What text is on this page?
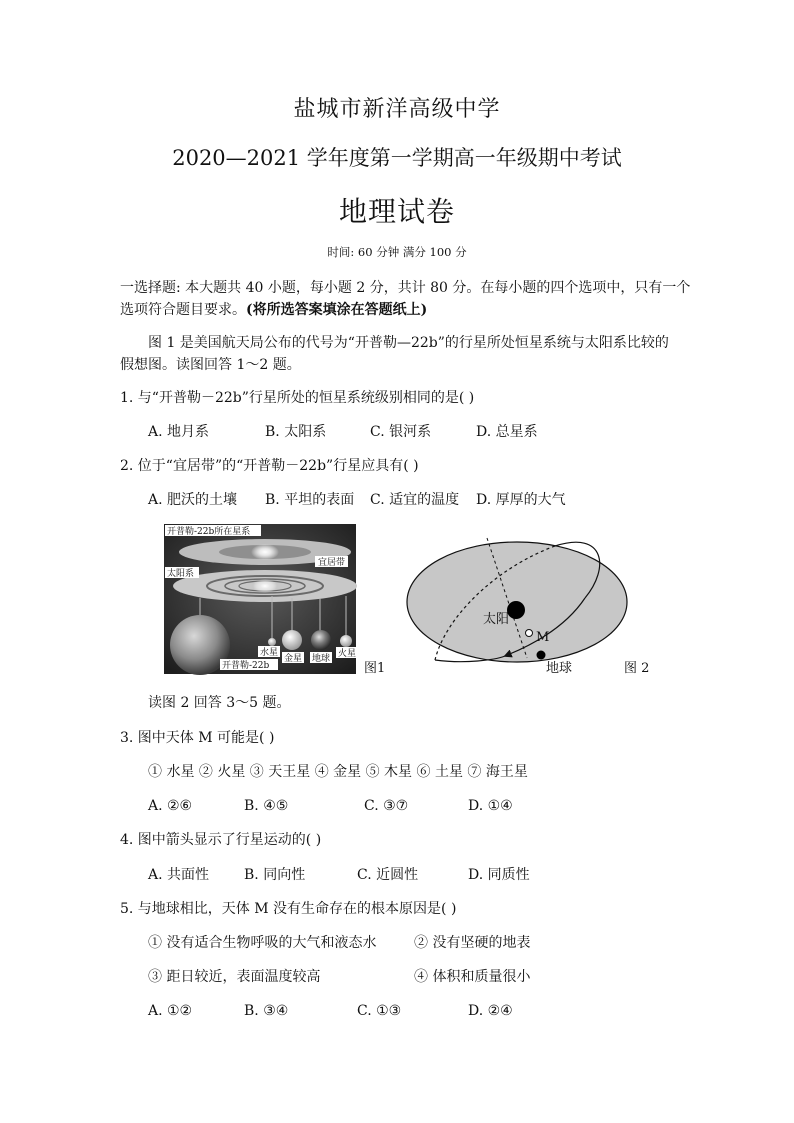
盐城市新洋高级中学
2020—2021 学年度第一学期高一年级期中考试
地理试卷
时间: 60 分钟 满分 100 分
一选择题: 本大题共 40 小题，每小题 2 分，共计 80 分。在每小题的四个选项中，只有一个
选项符合题目要求。(将所选答案填涂在答题纸上)
图 1 是美国航天局公布的代号为“开普勒—22b”的行星所处恒星系统与太阳系比较的
假想图。读图回答 1～2 题。
1. 与“开普勒－22b”行星所处的恒星系统级别相同的是( )
A. 地月系	B. 太阳系	C. 银河系	D. 总星系
2. 位于“宜居带”的“开普勒－22b”行星应具有( )
A. 肥沃的土壤 B. 平坦的表面 C. 适宜的温度 D. 厚厚的大气
开普勒-22b所在星系
宜居带
太阳系
水星
金星 地球 火星
开普勒-22b	图1
太阳
M
地球	图 2
读图 2 回答 3～5 题。
3. 图中天体 M 可能是( )
① 水星 ② 火星 ③ 天王星 ④ 金星 ⑤ 木星 ⑥ 土星 ⑦ 海王星
A. ②⑥	B. ④⑤	C. ③⑦	D. ①④
4. 图中箭头显示了行星运动的( )
A. 共面性 B. 同向性	C. 近圆性	D. 同质性
5. 与地球相比，天体 M 没有生命存在的根本原因是( )
① 没有适合生物呼吸的大气和液态水	② 没有坚硬的地表
③ 距日较近，表面温度较高	④ 体积和质量很小
A. ①②	B. ③④	C. ①③	D. ②④
